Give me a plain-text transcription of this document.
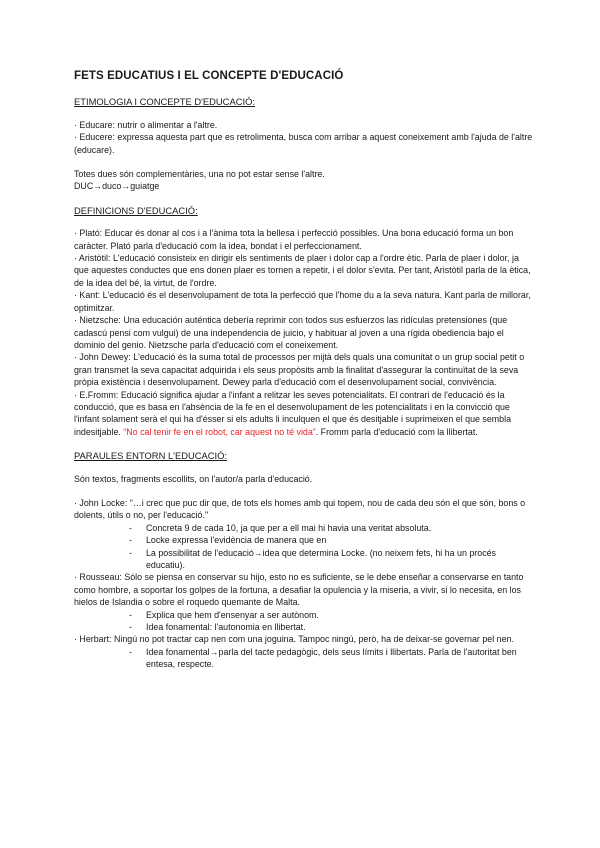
FETS EDUCATIUS I EL CONCEPTE D'EDUCACIÓ
ETIMOLOGIA I CONCEPTE D'EDUCACIÓ:

· Educare: nutrir o alimentar a l'altre.

· Educere: expressa aquesta part que es retrolimenta, busca com arribar a aquest coneixement amb l'ajuda de l'altre (educare).

Totes dues són complementàries, una no pot estar sense l'altre.

DUC→duco→guiatge

DEFINICIONS D'EDUCACIÓ:

· Plató: Educar és donar al cos i a l'ànima tota la bellesa i perfecció possibles. Una bona educació forma un bon caràcter. Plató parla d'educació com la idea, bondat i el perfeccionament.

· Aristòtil: L'educació consisteix en dirigir els sentiments de plaer i dolor cap a l'ordre ètic. Parla de plaer i dolor, ja que aquestes conductes que ens donen plaer es tornen a repetir, i el dolor s'evita. Per tant, Aristòtil parla de la ètica, de la idea del bé, la virtut, de l'ordre.

· Kant: L'educació és el desenvolupament de tota la perfecció que l'home du a la seva natura. Kant parla de millorar, optimitzar.

· Nietzsche: Una educación auténtica debería reprimir con todos sus esfuerzos las ridículas pretensiones (que cadascú pensi com vulgui) de una independencia de juicio, y habituar al joven a una rígida obediencia bajo el dominio del genio. Nietzsche parla d'educació com el coneixement.

· John Dewey: L'educació és la suma total de processos per mijtà dels quals una comunitat o un grup social petit o gran transmet la seva capacitat adquirida i els seus propòsits amb la finalitat d'assegurar la continuïtat de la seva pròpia existència i desenvolupament. Dewey parla d'educació com el desenvolupament social, convivència.

· E.Fromm: Educació significa ajudar a l'infant a relitzar les seves potencialitats. El contrari de l'educació és la conducció, que es basa en l'absència de la fe en el desenvolupament de les potencialitats i en la convicció que l'infant solament serà el qui ha d'ésser si els adults li inculquen el que és desitjable i suprimeixen el que sembla indesitjable. “No cal tenir fe en el robot, car aquest no té vida”. Fromm parla d'educació com la llibertat.

PARAULES ENTORN L'EDUCACIÓ:

Són textos, fragments escollits, on l'autor/a parla d'educació.

· John Locke: "…i crec que puc dir que, de tots els homes amb qui topem, nou de cada deu són el que són, bons o dolents, útils o no, per l'educació."

- Concreta 9 de cada 10, ja que per a ell mai hi havia una veritat absoluta.

- Locke expressa l'evidència de manera que en

- La possibilitat de l'educació→idea que determina Locke. (no neixem fets, hi ha un procés educatiu).

· Rousseau: Sólo se piensa en conservar su hijo, esto no es suficiente, se le debe enseñar a conservarse en tanto como hombre, a soportar los golpes de la fortuna, a desafiar la opulencia y la miseria, a vivir, si lo necesita, en los hielos de Islandia o sobre el roquedo quemante de Malta.

- Explica que hem d'ensenyar a ser autònom.

- Idea fonamental: l'autonomia en llibertat.

· Herbart: Ningú no pot tractar cap nen com una joguina. Tampoc ningú, però, ha de deixar-se governar pel nen.

- Idea fonamental→parla del tacte pedagògic, dels seus límits i llibertats. Parla de l'autoritat ben entesa, respecte.
